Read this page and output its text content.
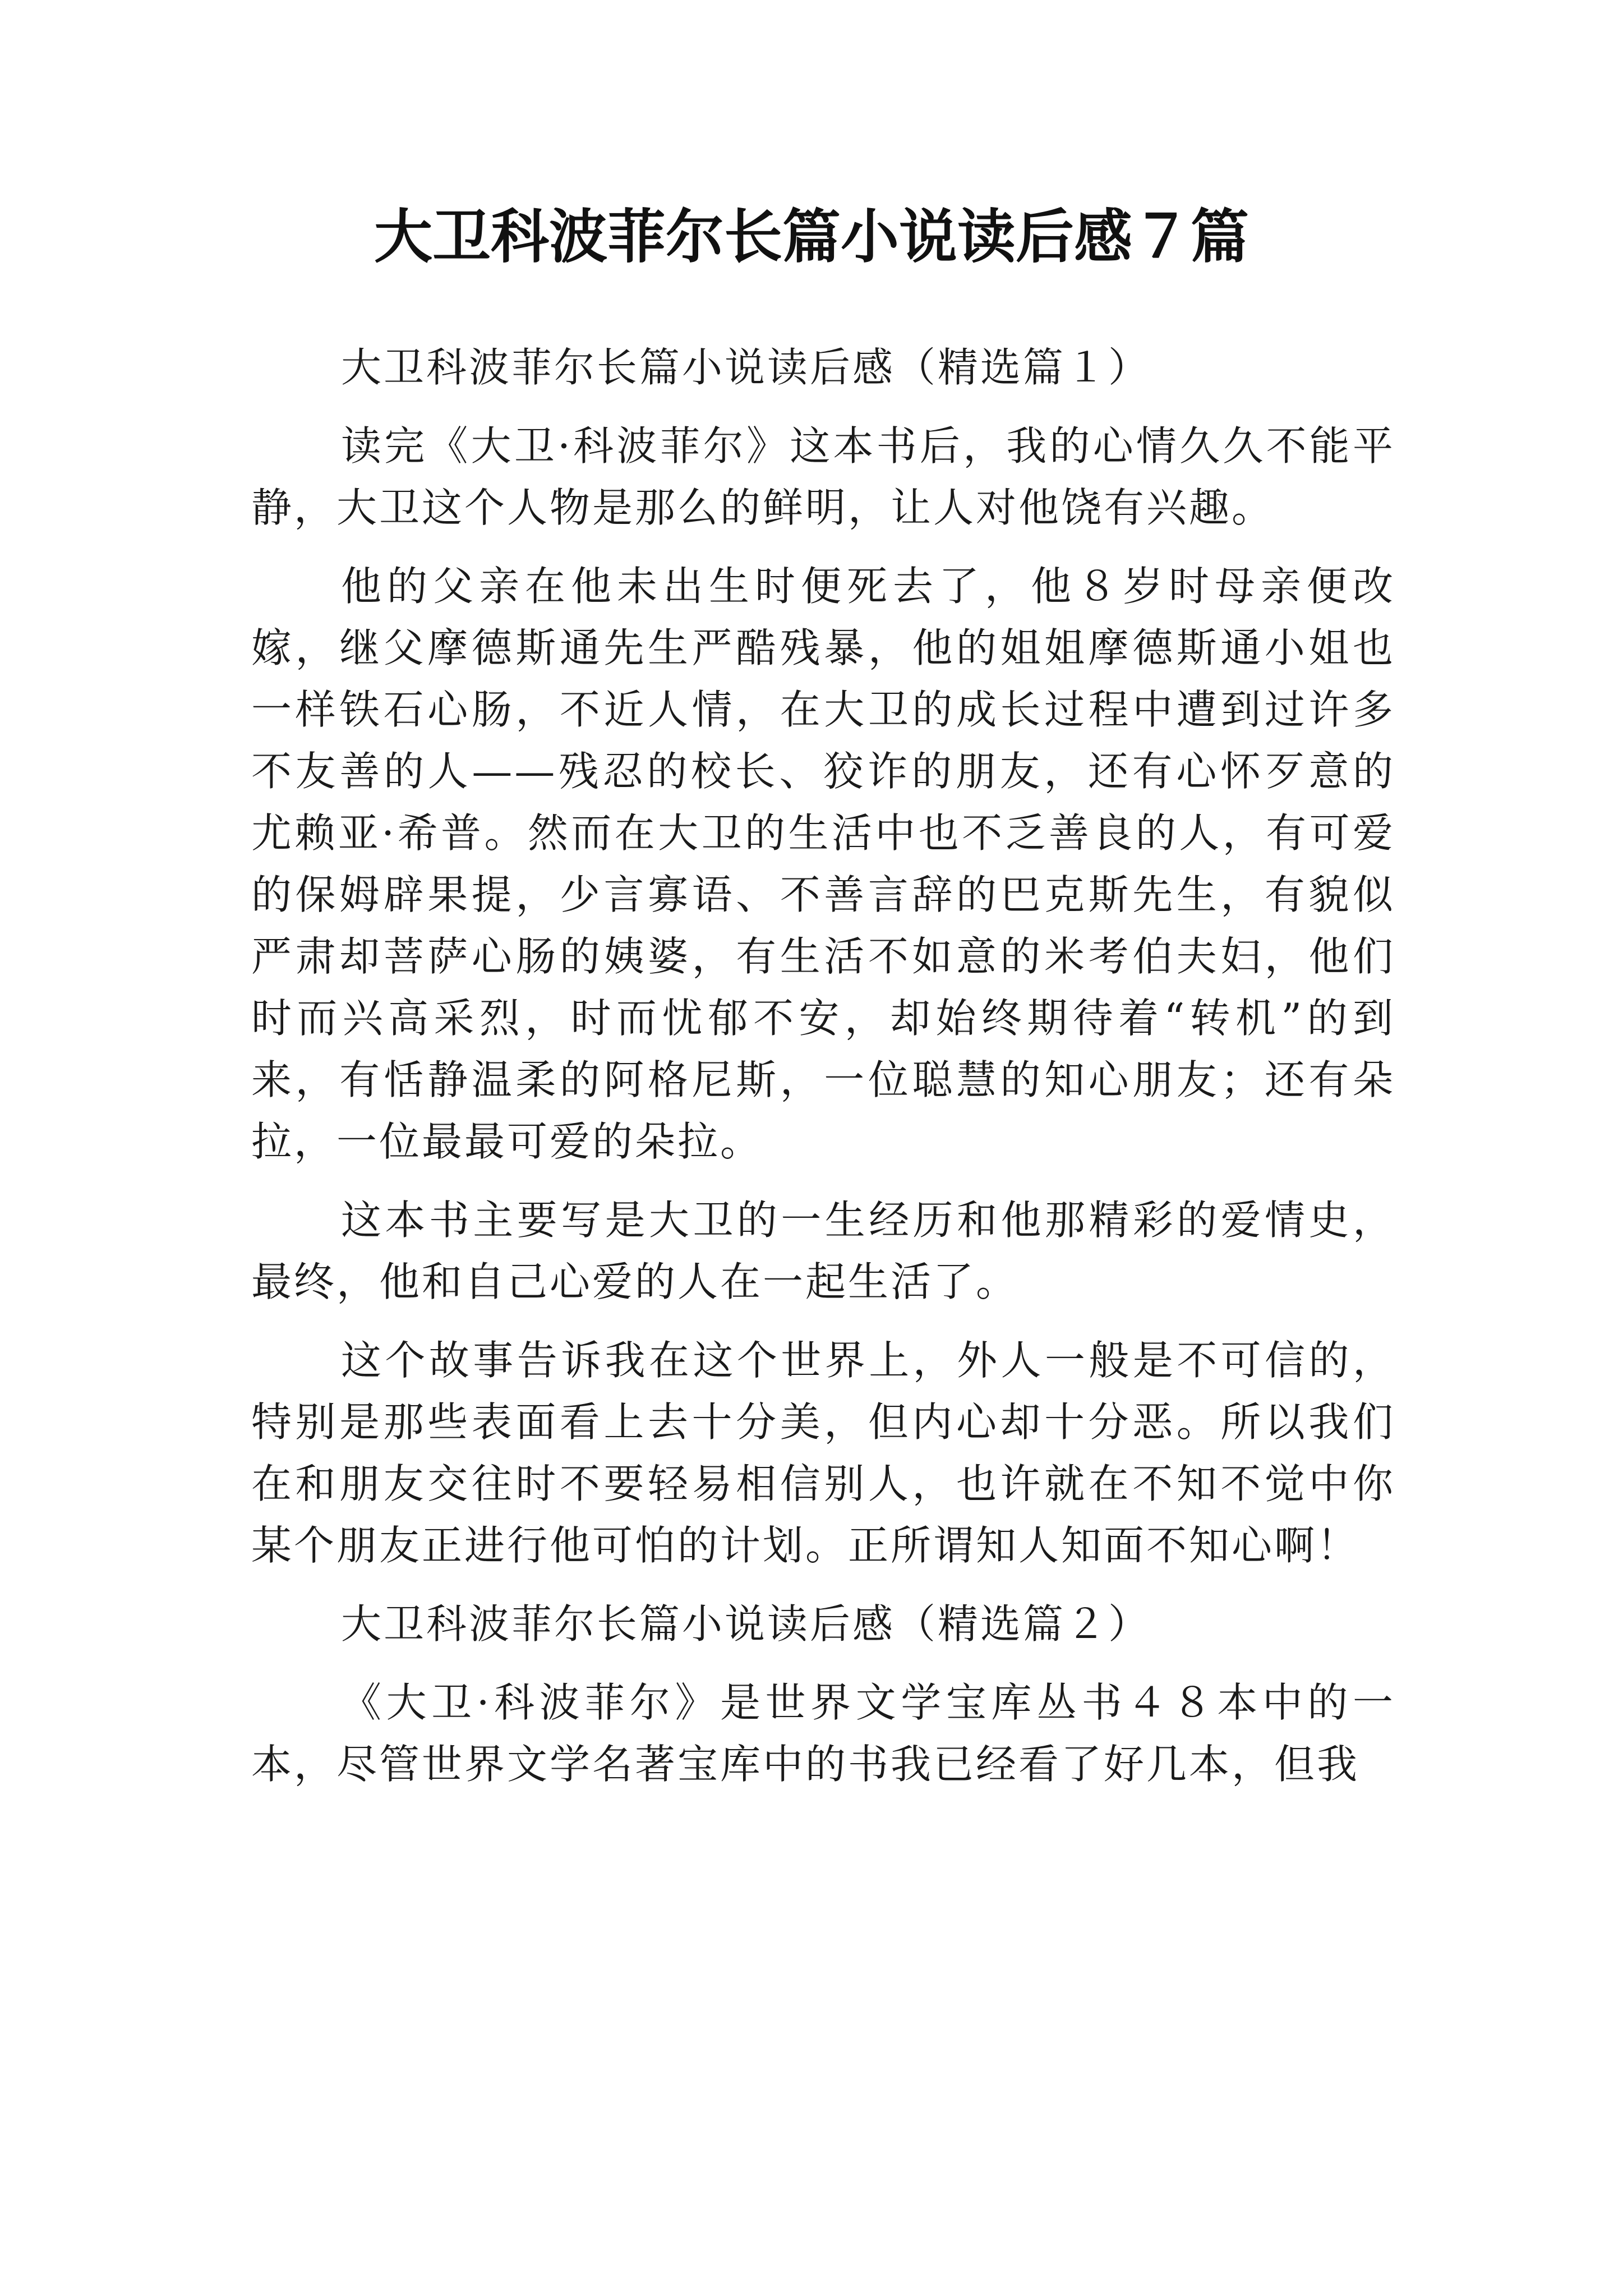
大卫科波菲尔长篇小说读后感７篇

大卫科波菲尔长篇小说读后感（精选篇１）

读完《大卫·科波菲尔》这本书后，我的心情久久不能平静，大卫这个人物是那么的鲜明，让人对他饶有兴趣。

他的父亲在他未出生时便死去了，他８岁时母亲便改嫁，继父摩德斯通先生严酷残暴，他的姐姐摩德斯通小姐也一样铁石心肠，不近人情，在大卫的成长过程中遭到过许多不友善的人——残忍的校长、狡诈的朋友，还有心怀歹意的尤赖亚·希普。然而在大卫的生活中也不乏善良的人，有可爱的保姆辟果提，少言寡语、不善言辞的巴克斯先生，有貌似严肃却菩萨心肠的姨婆，有生活不如意的米考伯夫妇，他们时而兴高采烈，时而忧郁不安，却始终期待着“转机”的到来，有恬静温柔的阿格尼斯，一位聪慧的知心朋友；还有朵拉，一位最最可爱的朵拉。

这本书主要写是大卫的一生经历和他那精彩的爱情史，最终，他和自己心爱的人在一起生活了。

这个故事告诉我在这个世界上，外人一般是不可信的，特别是那些表面看上去十分美，但内心却十分恶。所以我们在和朋友交往时不要轻易相信别人，也许就在不知不觉中你某个朋友正进行他可怕的计划。正所谓知人知面不知心啊！

大卫科波菲尔长篇小说读后感（精选篇２）

《大卫·科波菲尔》是世界文学宝库丛书４８本中的一本，尽管世界文学名著宝库中的书我已经看了好几本，但我
